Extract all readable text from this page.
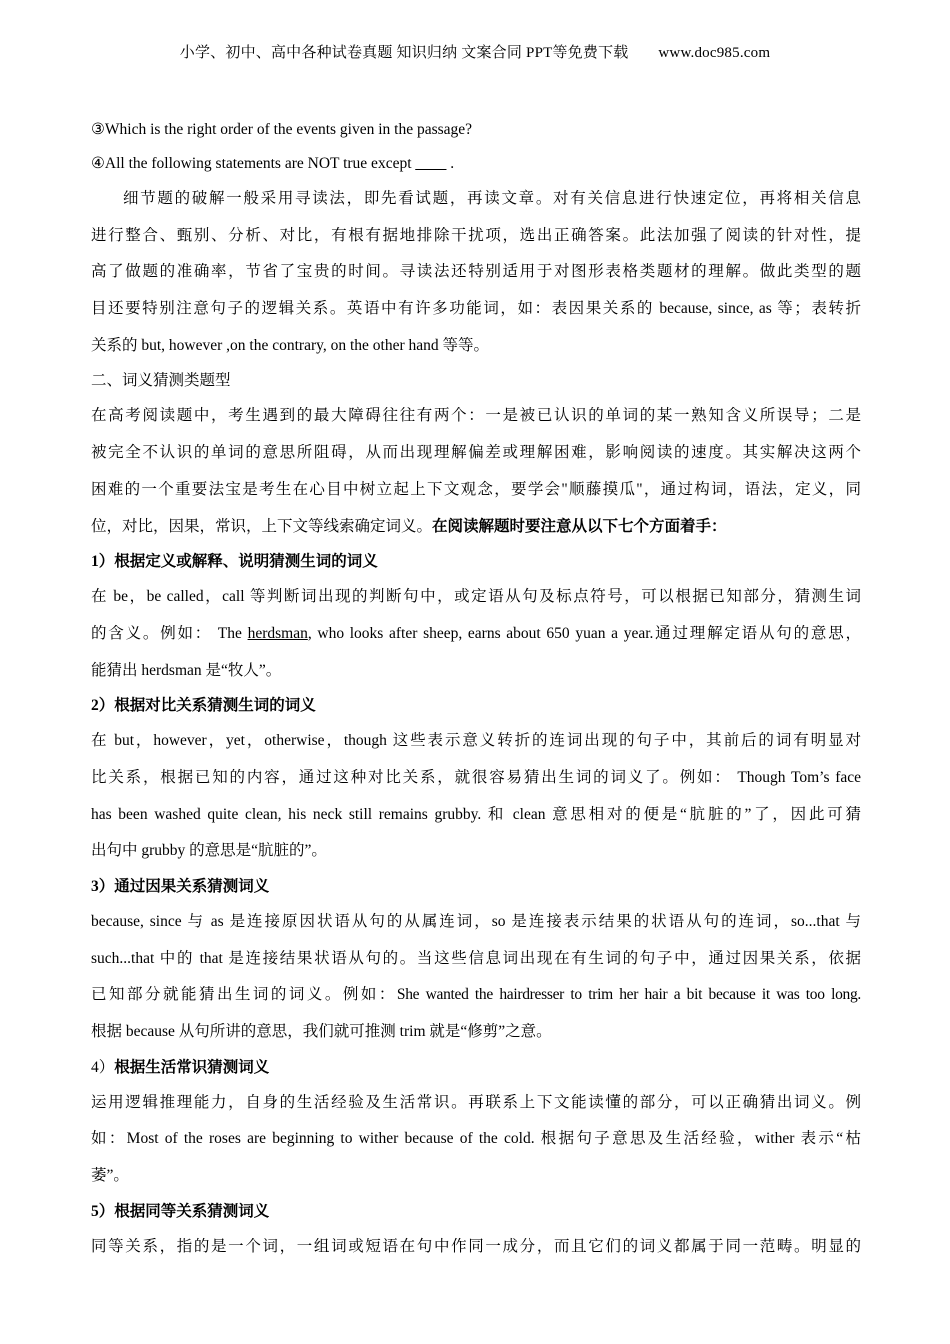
小学、初中、高中各种试卷真题 知识归纳 文案合同 PPT等免费下载 www.doc985.com
③Which is the right order of the events given in the passage?
④All the following statements are NOT true except ____ .
细节题的破解一般采用寻读法，即先看试题，再读文章。对有关信息进行快速定位，再将相关信息
进行整合、甄别、分析、对比，有根有据地排除干扰项，选出正确答案。此法加强了阅读的针对性，提
高了做题的准确率，节省了宝贵的时间。寻读法还特别适用于对图形表格类题材的理解。做此类型的题
目还要特别注意句子的逻辑关系。英语中有许多功能词，如：表因果关系的 because, since, as 等；表转折
关系的 but, however ,on the contrary, on the other hand 等等。
二、词义猜测类题型
在高考阅读题中，考生遇到的最大障碍往往有两个：一是被已认识的单词的某一熟知含义所误导；二是
被完全不认识的单词的意思所阻碍，从而出现理解偏差或理解困难，影响阅读的速度。其实解决这两个
困难的一个重要法宝是考生在心目中树立起上下文观念，要学会"顺藤摸瓜"，通过构词，语法，定义，同
位，对比，因果，常识，上下文等线索确定词义。在阅读解题时要注意从以下七个方面着手：
1）根据定义或解释、说明猜测生词的词义
在 be，be called，call 等判断词出现的判断句中，或定语从句及标点符号，可以根据已知部分，猜测生词
的含义。例如： The herdsman, who looks after sheep, earns about 650 yuan a year.通过理解定语从句的意思，
能猜出 herdsman 是“牧人”。
2）根据对比关系猜测生词的词义
在 but，however，yet，otherwise，though 这些表示意义转折的连词出现的句子中，其前后的词有明显对
比关系，根据已知的内容，通过这种对比关系，就很容易猜出生词的词义了。例如： Though Tom’s face
has been washed quite clean, his neck still remains grubby. 和 clean 意思相对的便是“肮脏的”了，因此可猜
出句中 grubby 的意思是“肮脏的”。
3）通过因果关系猜测词义
because, since 与 as 是连接原因状语从句的从属连词，so 是连接表示结果的状语从句的连词，so...that 与
such...that 中的 that 是连接结果状语从句的。当这些信息词出现在有生词的句子中，通过因果关系，依据
已知部分就能猜出生词的词义。例如：She wanted the hairdresser to trim her hair a bit because it was too long.
根据 because 从句所讲的意思，我们就可推测 trim 就是“修剪”之意。
4）根据生活常识猜测词义
运用逻辑推理能力，自身的生活经验及生活常识。再联系上下文能读懂的部分，可以正确猜出词义。例
如：Most of the roses are beginning to wither because of the cold. 根据句子意思及生活经验，wither 表示“枯
萎”。
5）根据同等关系猜测词义
同等关系，指的是一个词，一组词或短语在句中作同一成分，而且它们的词义都属于同一范畴。明显的
